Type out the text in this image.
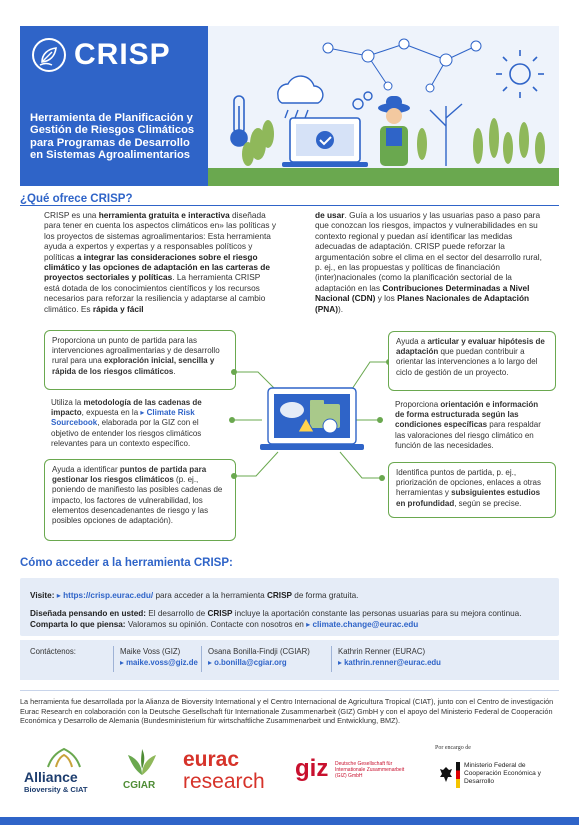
CRISP
Herramienta de Planificación y Gestión de Riesgos Climáticos para Programas de Desarrollo en Sistemas Agroalimentarios
¿Qué ofrece CRISP?
CRISP es una herramienta gratuita e interactiva diseñada para tener en cuenta los aspectos climáticos en» las políticas y los proyectos de sistemas agroalimentarios: Esta herramienta ayuda a expertos y expertas y a responsables políticos y políticas a integrar las consideraciones sobre el riesgo climático y las opciones de adaptación en las carteras de proyectos sectoriales y políticas. La herramienta CRISP está dotada de los conocimientos científicos y los recursos necesarios para reforzar la resiliencia y adaptarse al cambio climático. Es rápida y fácil
de usar. Guía a los usuarios y las usuarias paso a paso para que conozcan los riesgos, impactos y vulnerabilidades en su contexto regional y puedan así identificar las medidas adecuadas de adaptación. CRISP puede reforzar la argumentación sobre el clima en el sector del desarrollo rural, p. ej., en las propuestas y políticas de financiación (inter)nacionales (como la planificación sectorial de la adaptación en las Contribuciones Determinadas a Nivel Nacional (CDN) y los Planes Nacionales de Adaptación (PNA)).
Proporciona un punto de partida para las intervenciones agroalimentarias y de desarrollo rural para una exploración inicial, sencilla y rápida de los riesgos climáticos.
Utiliza la metodología de las cadenas de impacto, expuesta en la ▸ Climate Risk Sourcebook, elaborada por la GIZ con el objetivo de entender los riesgos climáticos relevantes para un contexto específico.
Ayuda a identificar puntos de partida para gestionar los riesgos climáticos (p. ej., poniendo de manifiesto las posibles cadenas de impacto, los factores de vulnerabilidad, los elementos desencadenantes de riesgo y las posibles opciones de adaptación).
Ayuda a articular y evaluar hipótesis de adaptación que puedan contribuir a orientar las intervenciones a lo largo del ciclo de gestión de un proyecto.
Proporciona orientación e información de forma estructurada según las condiciones específicas para respaldar las valoraciones del riesgo climático en función de las necesidades.
Identifica puntos de partida, p. ej., priorización de opciones, enlaces a otras herramientas y subsiguientes estudios en profundidad, según se precise.
Cómo acceder a la herramienta CRISP:
Visite: ▸ https://crisp.eurac.edu/ para acceder a la herramienta CRISP de forma gratuita.
Diseñada pensando en usted: El desarrollo de CRISP incluye la aportación constante las personas usuarias para su mejora continua.
Comparta lo que piensa: Valoramos su opinión. Contacte con nosotros en ▸ climate.change@eurac.edu
Contáctenos:	Maike Voss (GIZ)
▸ maike.voss@giz.de
Osana Bonilla-Findji (CGIAR)
▸ o.bonilla@cgiar.org
Kathrin Renner (EURAC)
▸ kathrin.renner@eurac.edu
La herramienta fue desarrollada por la Alianza de Bioversity International y el Centro Internacional de Agricultura Tropical (CIAT), junto con el Centro de investigación Eurac Research en colaboración con la Deutsche Gesellschaft für Internationale Zusammenarbeit (GIZ) GmbH y con el apoyo del Ministerio Federal de Cooperación Económica y Desarrollo de Alemania (Bundesministerium für wirtschaftliche Zusammenarbeit und Entwicklung, BMZ).
Alliance
Bioversity & CIAT	CGIAR
eurac
research giz Deutsche Gesellschaft für Internationale Zusammenarbeit (GIZ) GmbH
Por encargo de
Ministerio Federal de Cooperación Económica y Desarrollo
